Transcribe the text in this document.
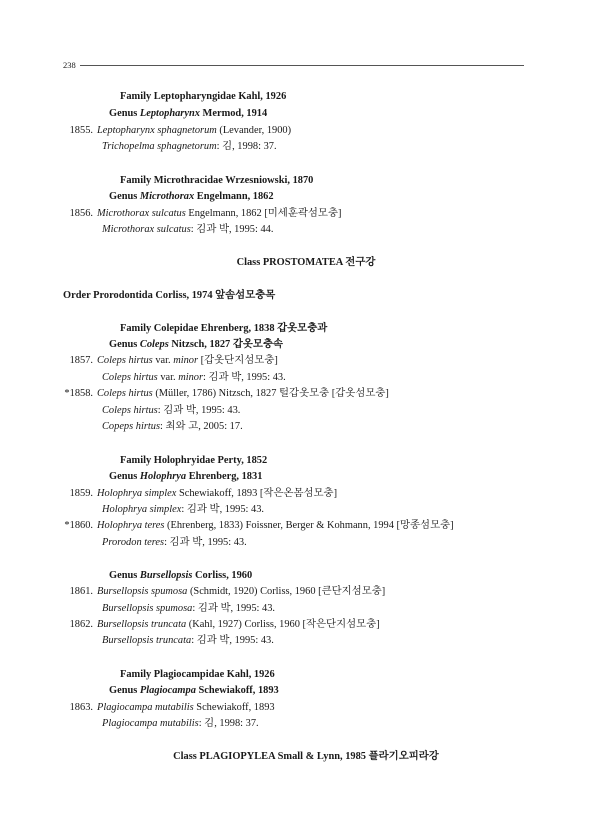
238
Family Leptopharyngidae Kahl, 1926
Genus Leptopharynx Mermod, 1914
1855. Leptopharynx sphagnetorum (Levander, 1900)
Trichopelma sphagnetorum: 김, 1998: 37.
Family Microthracidae Wrzesniowski, 1870
Genus Microthorax Engelmann, 1862
1856. Microthorax sulcatus Engelmann, 1862 [미세훈곽섬모충]
Microthorax sulcatus: 김과 박, 1995: 44.
Class PROSTOMATEA 전구강
Order Prorodontida Corliss, 1974 앞솜섬모충목
Family Colepidae Ehrenberg, 1838 갑옷모충과
Genus Coleps Nitzsch, 1827 갑옷모충속
1857. Coleps hirtus var. minor [갑옷단지섬모충]
Coleps hirtus var. minor: 김과 박, 1995: 43.
*1858. Coleps hirtus (Müller, 1786) Nitzsch, 1827 털갑옷모충 [갑옷섬모충]
Coleps hirtus: 김과 박, 1995: 43.
Copeps hirtus: 최와 고, 2005: 17.
Family Holophryidae Perty, 1852
Genus Holophrya Ehrenberg, 1831
1859. Holophrya simplex Schewiakoff, 1893 [작은온몸섬모충]
Holophrya simplex: 김과 박, 1995: 43.
*1860. Holophrya teres (Ehrenberg, 1833) Foissner, Berger & Kohmann, 1994 [망종섬모충]
Prorodon teres: 김과 박, 1995: 43.
Genus Bursellopsis Corliss, 1960
1861. Bursellopsis spumosa (Schmidt, 1920) Corliss, 1960 [큰단지섬모충]
Bursellopsis spumosa: 김과 박, 1995: 43.
1862. Bursellopsis truncata (Kahl, 1927) Corliss, 1960 [작은단지섬모충]
Bursellopsis truncata: 김과 박, 1995: 43.
Family Plagiocampidae Kahl, 1926
Genus Plagiocampa Schewiakoff, 1893
1863. Plagiocampa mutabilis Schewiakoff, 1893
Plagiocampa mutabilis: 김, 1998: 37.
Class PLAGIOPYLEA Small & Lynn, 1985 플라기오피라강
